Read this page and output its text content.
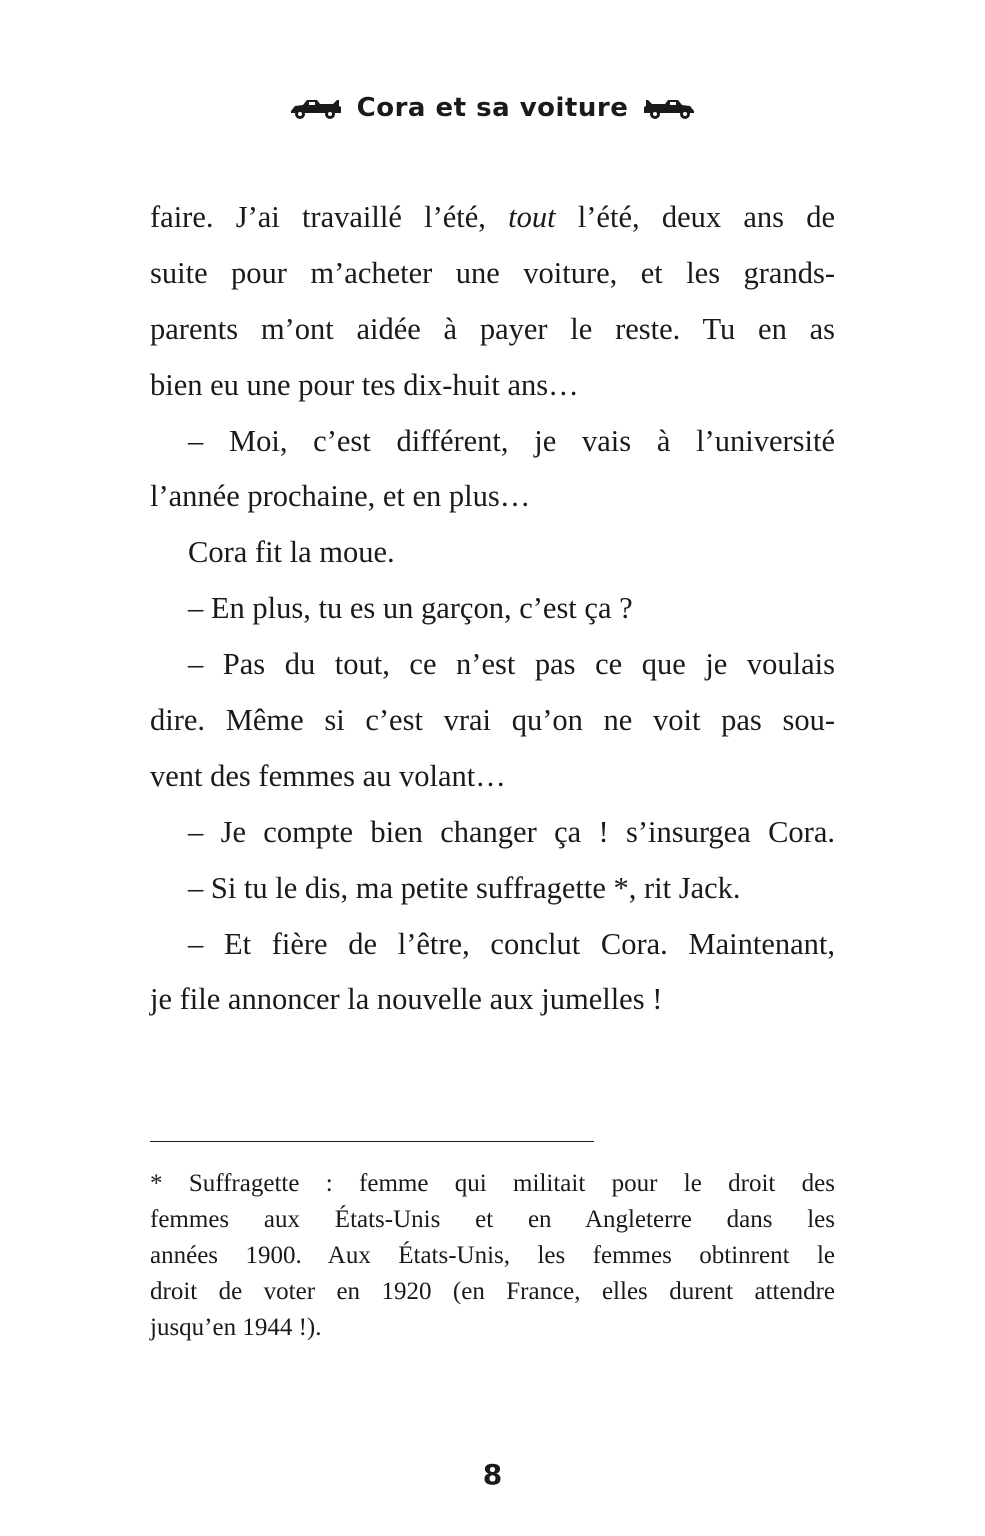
Cora et sa voiture
faire. J’ai travaillé l’été, tout l’été, deux ans de
suite pour m’acheter une voiture, et les grands-
parents m’ont aidée à payer le reste. Tu en as
bien eu une pour tes dix-huit ans…
– Moi, c’est différent, je vais à l’université
l’année prochaine, et en plus…
Cora fit la moue.
– En plus, tu es un garçon, c’est ça ?
– Pas du tout, ce n’est pas ce que je voulais
dire. Même si c’est vrai qu’on ne voit pas sou-
vent des femmes au volant…
– Je compte bien changer ça ! s’insurgea Cora.
– Si tu le dis, ma petite suffragette *, rit Jack.
– Et fière de l’être, conclut Cora. Maintenant,
je file annoncer la nouvelle aux jumelles !
* Suffragette : femme qui militait pour le droit des
femmes aux États-Unis et en Angleterre dans les
années 1900. Aux États-Unis, les femmes obtinrent le
droit de voter en 1920 (en France, elles durent attendre
jusqu’en 1944 !).
8
